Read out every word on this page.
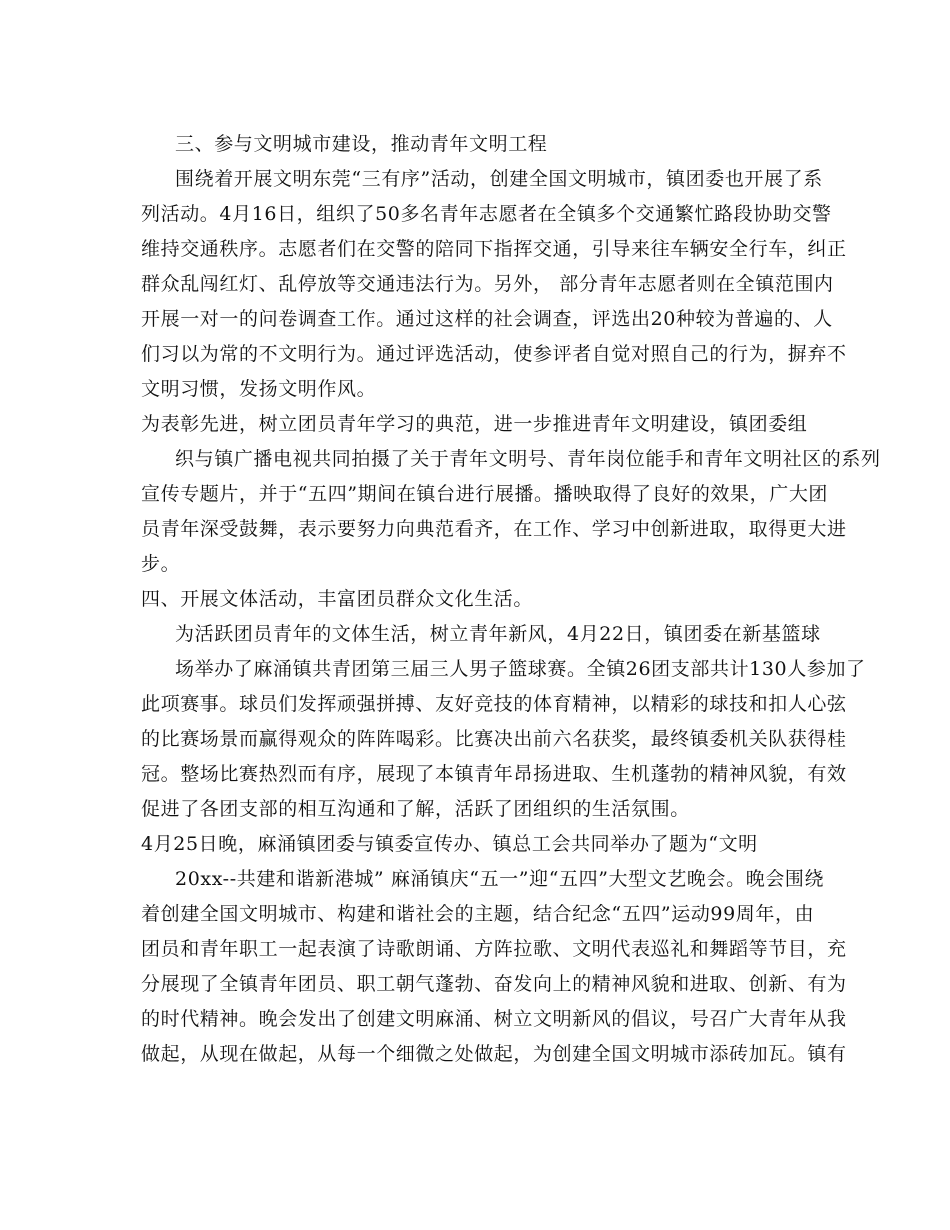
三、参与文明城市建设，推动青年文明工程
围绕着开展文明东莞“三有序”活动，创建全国文明城市，镇团委也开展了系
列活动。4月16日，组织了50多名青年志愿者在全镇多个交通繁忙路段协助交警
维持交通秩序。志愿者们在交警的陪同下指挥交通，引导来往车辆安全行车，纠正
群众乱闯红灯、乱停放等交通违法行为。另外， 部分青年志愿者则在全镇范围内
开展一对一的问卷调查工作。通过这样的社会调查，评选出20种较为普遍的、人
们习以为常的不文明行为。通过评选活动，使参评者自觉对照自己的行为，摒弃不
文明习惯，发扬文明作风。
为表彰先进，树立团员青年学习的典范，进一步推进青年文明建设，镇团委组
织与镇广播电视共同拍摄了关于青年文明号、青年岗位能手和青年文明社区的系列
宣传专题片，并于“五四”期间在镇台进行展播。播映取得了良好的效果，广大团
员青年深受鼓舞，表示要努力向典范看齐，在工作、学习中创新进取，取得更大进
步。
四、开展文体活动，丰富团员群众文化生活。
为活跃团员青年的文体生活，树立青年新风，4月22日，镇团委在新基篮球
场举办了麻涌镇共青团第三届三人男子篮球赛。全镇26团支部共计130人参加了
此项赛事。球员们发挥顽强拼搏、友好竞技的体育精神，以精彩的球技和扣人心弦
的比赛场景而赢得观众的阵阵喝彩。比赛决出前六名获奖，最终镇委机关队获得桂
冠。整场比赛热烈而有序，展现了本镇青年昂扬进取、生机蓬勃的精神风貌，有效
促进了各团支部的相互沟通和了解，活跃了团组织的生活氛围。
4月25日晚，麻涌镇团委与镇委宣传办、镇总工会共同举办了题为“文明
20xx--共建和谐新港城” 麻涌镇庆“五一”迎“五四”大型文艺晚会。晚会围绕
着创建全国文明城市、构建和谐社会的主题，结合纪念“五四”运动99周年，由
团员和青年职工一起表演了诗歌朗诵、方阵拉歌、文明代表巡礼和舞蹈等节目，充
分展现了全镇青年团员、职工朝气蓬勃、奋发向上的精神风貌和进取、创新、有为
的时代精神。晚会发出了创建文明麻涌、树立文明新风的倡议，号召广大青年从我
做起，从现在做起，从每一个细微之处做起，为创建全国文明城市添砖加瓦。镇有
